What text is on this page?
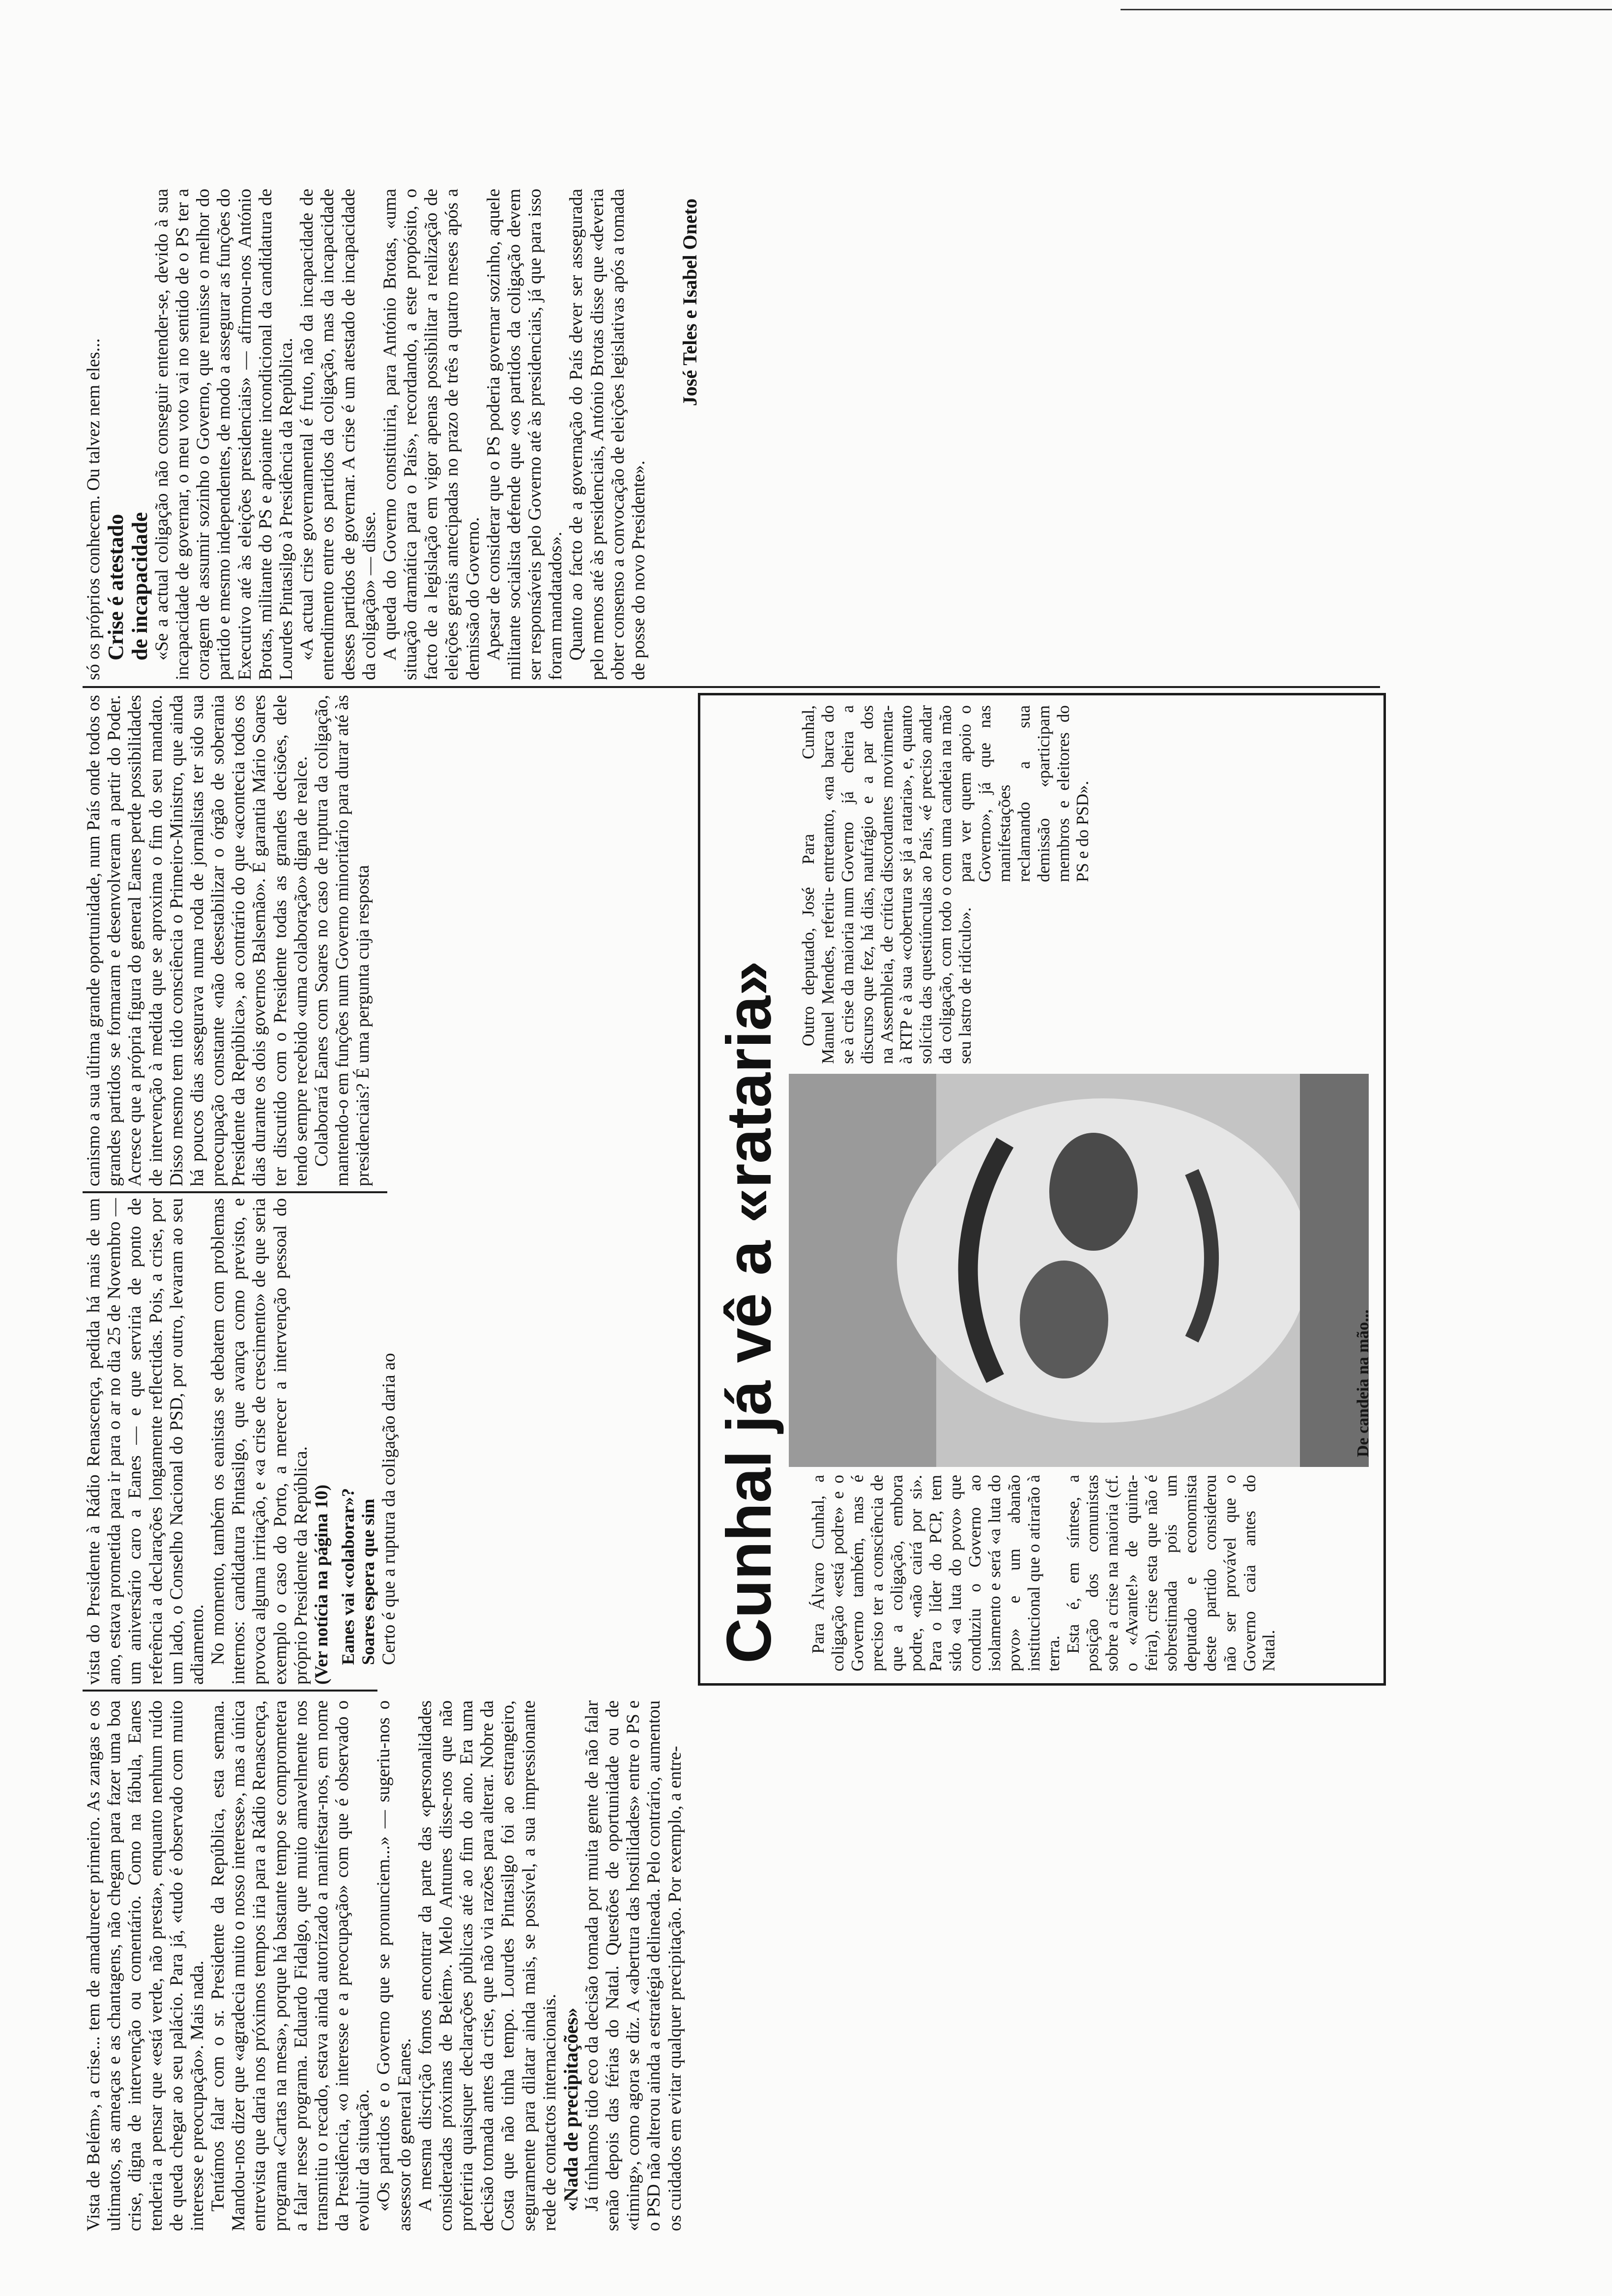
Vista de Belém», a crise... tem de amadurecer primeiro. As zangas e os ultimatos, as ameaças e as chantagens, não chegam para fazer uma boa crise, digna de intervenção ou comentário. Como na fábula, Eanes tenderia a pensar que «está verde, não presta», enquanto nenhum ruído de queda chegar ao seu palácio. Para já, «tudo é observado com muito interesse e preocupação». Mais nada. Tentámos falar com o sr. Presidente da República, esta semana. Mandou-nos dizer que «agradecia muito o nosso interesse», mas a única entrevista que daria nos próximos tempos iria para a Rádio Renascença, programa «Cartas na mesa», porque há bastante tempo se comprometera a falar nesse programa. Eduardo Fidalgo, que muito amavelmente nos transmitiu o recado, estava ainda autorizado a manifestar-nos, em nome da Presidência, «o interesse e a preocupação» com que é observado o evoluir da situação. «Os partidos e o Governo que se pronunciem...» — sugeriu-nos o assessor do general Eanes. A mesma discrição fomos encontrar da parte das «personalidades consideradas próximas de Belém». Melo Antunes disse-nos que não proferiria quaisquer declarações públicas até ao fim do ano. Era uma decisão tomada antes da crise, que não via razões para alterar. Nobre da Costa que não tinha tempo. Lourdes Pintasilgo foi ao estrangeiro, seguramente para dilatar ainda mais, se possível, a sua impressionante rede de contactos internacionais. «Nada de precipitações» Já tínhamos tido eco da decisão tomada por muita gente de não falar senão depois das férias do Natal. Questões de oportunidade ou de «timing», como agora se diz. A «abertura das hostilidades» entre o PS e o PSD não alterou ainda a estratégia delineada. Pelo contrário, aumentou os cuidados em evitar qualquer precipitação. Por exemplo, a entre-

vista do Presidente à Rádio Renascença, pedida há mais de um ano, estava prometida para ir para o ar no dia 25 de Novembro — um aniversário caro a Eanes — e que serviria de ponto de referência a declarações longamente reflectidas. Pois, a crise, por um lado, o Conselho Nacional do PSD, por outro, levaram ao seu adiamento. No momento, também os eanistas se debatem com problemas internos: candidatura Pintasilgo, que avança como previsto, e provoca alguma irritação, e «a crise de crescimento» de que seria exemplo o caso do Porto, a merecer a intervenção pessoal do próprio Presidente da República. (Ver notícia na página 10) Eanes vai «colaborar»? Soares espera que sim Certo é que a ruptura da coligação daria ao

canismo a sua última grande oportunidade, num País onde todos os grandes partidos se formaram e desenvolveram a partir do Poder. Acresce que a própria figura do general Eanes perde possibilidades de intervenção à medida que se aproxima o fim do seu mandato. Disso mesmo tem tido consciência o Primeiro-Ministro, que ainda há poucos dias assegurava numa roda de jornalistas ter sido sua preocupação constante «não desestabilizar o órgão de soberania Presidente da República», ao contrário do que «acontecia todos os dias durante os dois governos Balsemão». É garantia Mário Soares ter discutido com o Presidente todas as grandes decisões, dele tendo sempre recebido «uma colaboração» digna de realce. Colaborará Eanes com Soares no caso de ruptura da coligação, mantendo-o em funções num Governo minoritário para durar até às presidenciais? É uma pergunta cuja resposta

só os próprios conhecem. Ou talvez nem eles... Crise é atestado de incapacidade «Se a actual coligação não conseguir entender-se, devido à sua incapacidade de governar, o meu voto vai no sentido de o PS ter a coragem de assumir sozinho o Governo, que reunisse o melhor do partido e mesmo independentes, de modo a assegurar as funções do Executivo até às eleições presidenciais» — afirmou-nos António Brotas, militante do PS e apoiante incondicional da candidatura de Lourdes Pintasilgo à Presidência da República. «A actual crise governamental é fruto, não da incapacidade de entendimento entre os partidos da coligação, mas da incapacidade desses partidos de governar. A crise é um atestado de incapacidade da coligação» — disse. A queda do Governo constituiria, para António Brotas, «uma situação dramática para o País», recordando, a este propósito, o facto de a legislação em vigor apenas possibilitar a realização de eleições gerais antecipadas no prazo de três a quatro meses após a demissão do Governo. Apesar de considerar que o PS poderia governar sozinho, aquele militante socialista defende que «os partidos da coligação devem ser responsáveis pelo Governo até às presidenciais, já que para isso foram mandatados». Quanto ao facto de a governação do País dever ser assegurada pelo menos até às presidenciais, António Brotas disse que «deveria obter consenso a convocação de eleições legislativas após a tomada de posse do novo Presidente».

José Teles e Isabel Oneto
Cunhal já vê a «rataria» Para Álvaro Cunhal, a coligação «está podre» e o Governo também, mas é preciso ter a consciência de que a coligação, embora podre, «não cairá por si». Para o líder do PCP, tem sido «a luta do povo» que conduziu o Governo ao isolamento e será «a luta do povo» e um abanão institucional que o atirarão à terra. Esta é, em síntese, a posição dos comunistas sobre a crise na maioria (cf. o «Avante!» de quinta-feira), crise esta que não é sobrestimada pois um deputado e economista deste partido considerou não ser provável que o Governo caia antes do Natal.

De candeia na mão...

Outro deputado, José Manuel Mendes, referiu-se à crise da maioria num discurso que fez, há dias, na Assembleia, de crítica à RTP e à sua «cobertura solícita das questiúnculas da coligação, com todo o seu lastro de ridículo».

Para Cunhal, entretanto, «na barca do Governo já cheira a naufrágio e a par dos discordantes movimenta-se já a rataria», e, quanto ao País, «é preciso andar com uma candeia na mão para ver quem apoio o Governo», já que nas manifestações reclamando a sua demissão «participam membros e eleitores do PS e do PSD».
